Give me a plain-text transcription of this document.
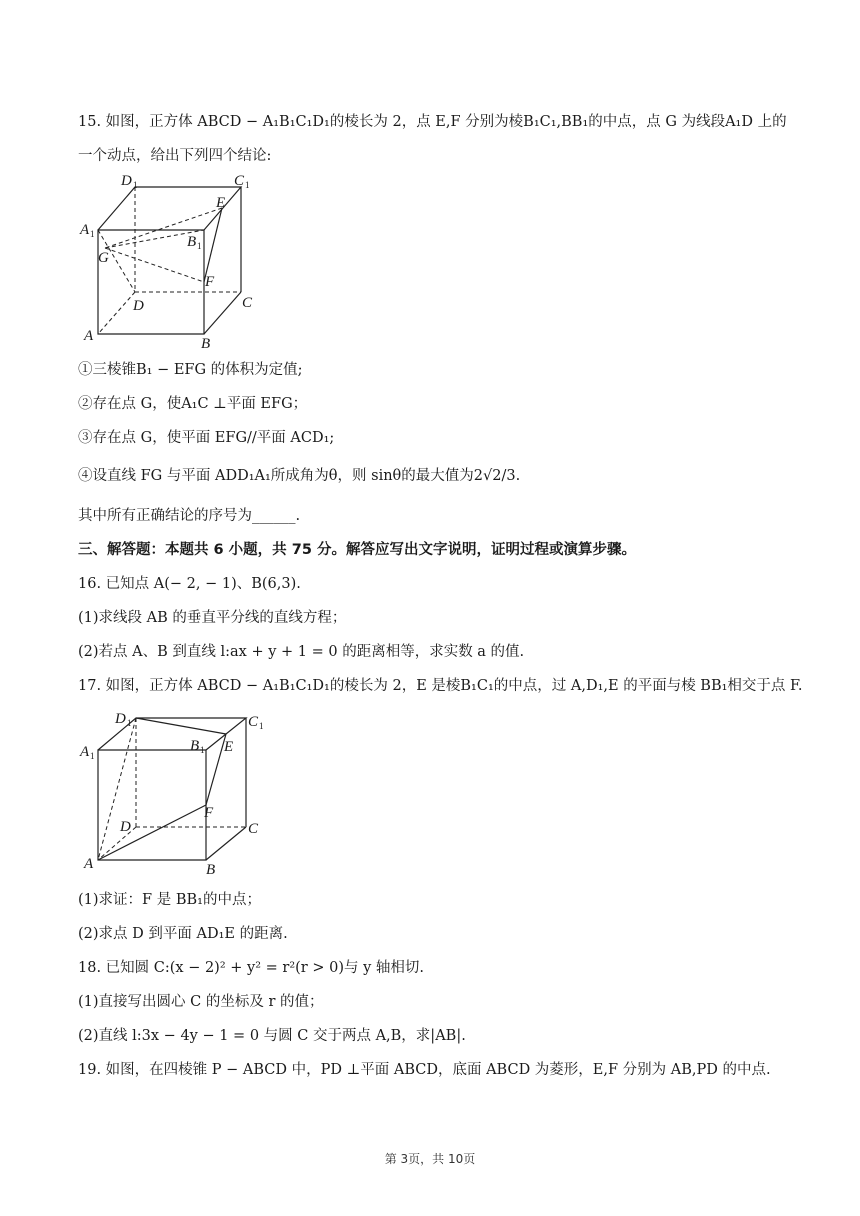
15. 如图，正方体 ABCD − A₁B₁C₁D₁的棱长为 2，点 E,F 分别为棱B₁C₁,BB₁的中点，点 G 为线段A₁D 上的
一个动点，给出下列四个结论:
D 1	C 1
A 1
E
B 1
G
F
D	C
A	B
①三棱锥B₁ − EFG 的体积为定值;
②存在点 G，使A₁C ⊥平面 EFG；
③存在点 G，使平面 EFG//平面 ACD₁;
④设直线 FG 与平面 ADD₁A₁所成角为θ，则 sinθ的最大值为2√2/3.
其中所有正确结论的序号为______.
三、解答题：本题共 6 小题，共 75 分。解答应写出文字说明，证明过程或演算步骤。
16. 已知点 A(− 2, − 1)、B(6,3).
(1)求线段 AB 的垂直平分线的直线方程；
(2)若点 A、B 到直线 l:ax + y + 1 = 0 的距离相等，求实数 a 的值.
17. 如图，正方体 ABCD − A₁B₁C₁D₁的棱长为 2，E 是棱B₁C₁的中点，过 A,D₁,E 的平面与棱 BB₁相交于点 F.
D 1	C 1
A 1
B 1 E
F
D	C
A	B
(1)求证：F 是 BB₁的中点；
(2)求点 D 到平面 AD₁E 的距离.
18. 已知圆 C:(x − 2)² + y² = r²(r > 0)与 y 轴相切.
(1)直接写出圆心 C 的坐标及 r 的值；
(2)直线 l:3x − 4y − 1 = 0 与圆 C 交于两点 A,B，求|AB|.
19. 如图，在四棱锥 P − ABCD 中，PD ⊥平面 ABCD，底面 ABCD 为菱形，E,F 分别为 AB,PD 的中点.
第 3页，共 10页
